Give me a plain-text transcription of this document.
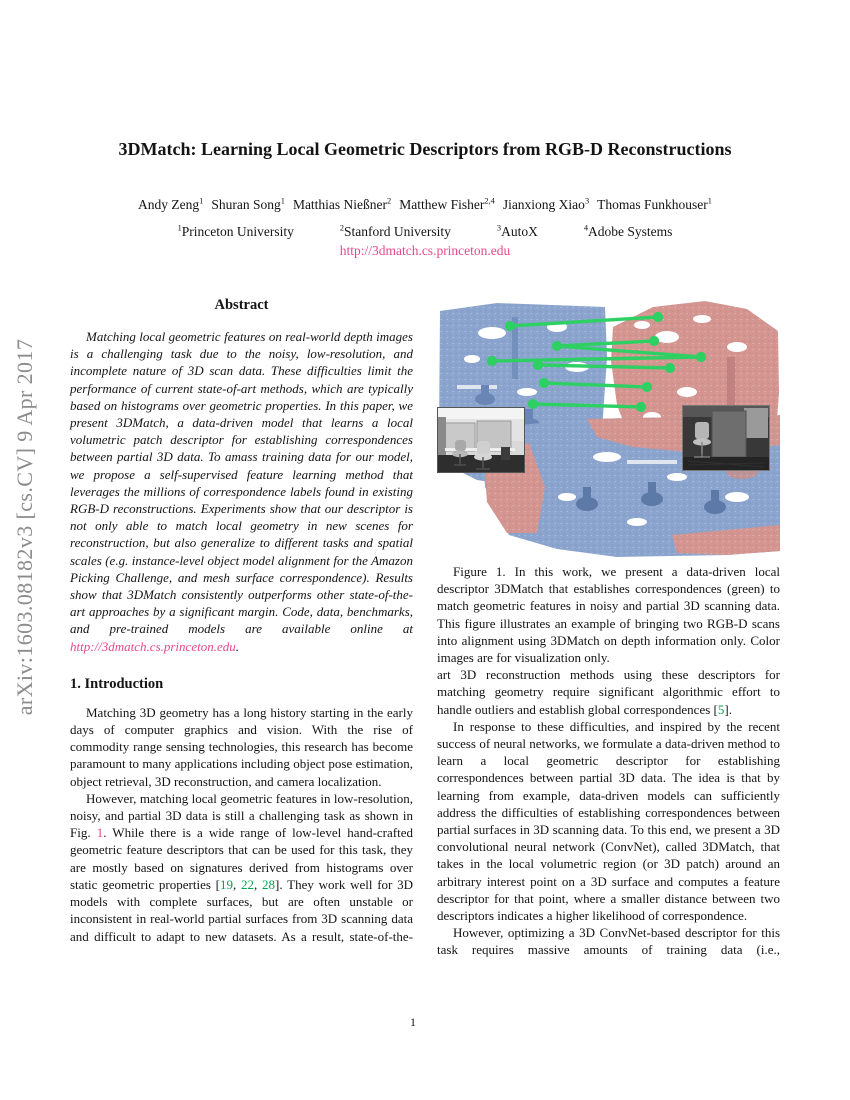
arXiv:1603.08182v3 [cs.CV] 9 Apr 2017
3DMatch: Learning Local Geometric Descriptors from RGB-D Reconstructions
Andy Zeng$^1$ Shuran Song$^1$ Matthias Nießner$^2$ Matthew Fisher$^{2,4}$ Jianxiong Xiao$^3$ Thomas Funkhouser$^1$
$^1$Princeton University	$^2$Stanford University	$^3$AutoX	$^4$Adobe Systems
http://3dmatch.cs.princeton.edu
Abstract

Matching local geometric features on real-world depth images is a challenging task due to the noisy, low-resolution, and incomplete nature of 3D scan data. These difficulties limit the performance of current state-of-art methods, which are typically based on histograms over geometric properties. In this paper, we present 3DMatch, a data-driven model that learns a local volumetric patch descriptor for establishing correspondences between partial 3D data. To amass training data for our model, we propose a self-supervised feature learning method that leverages the millions of correspondence labels found in existing RGB-D reconstructions. Experiments show that our descriptor is not only able to match local geometry in new scenes for reconstruction, but also generalize to different tasks and spatial scales (e.g. instance-level object model alignment for the Amazon Picking Challenge, and mesh surface correspondence). Results show that 3DMatch consistently outperforms other state-of-the-art approaches by a significant margin. Code, data, benchmarks, and pre-trained models are available online at http://3dmatch.cs.princeton.edu.

1. Introduction

Matching 3D geometry has a long history starting in the early days of computer graphics and vision. With the rise of commodity range sensing technologies, this research has become paramount to many applications including object pose estimation, object retrieval, 3D reconstruction, and camera localization.

However, matching local geometric features in low-resolution, noisy, and partial 3D data is still a challenging task as shown in Fig. 1. While there is a wide range of low-level hand-crafted geometric feature descriptors that can be used for this task, they are mostly based on signatures derived from histograms over static geometric properties [19, 22, 28]. They work well for 3D models with complete surfaces, but are often unstable or inconsistent in real-world partial surfaces from 3D scanning data and difficult to adapt to new datasets. As a result, state-of-the-

Figure 1. In this work, we present a data-driven local descriptor 3DMatch that establishes correspondences (green) to match geometric features in noisy and partial 3D scanning data. This figure illustrates an example of bringing two RGB-D scans into alignment using 3DMatch on depth information only. Color images are for visualization only.

art 3D reconstruction methods using these descriptors for matching geometry require significant algorithmic effort to handle outliers and establish global correspondences [5].

In response to these difficulties, and inspired by the recent success of neural networks, we formulate a data-driven method to learn a local geometric descriptor for establishing correspondences between partial 3D data. The idea is that by learning from example, data-driven models can sufficiently address the difficulties of establishing correspondences between partial surfaces in 3D scanning data. To this end, we present a 3D convolutional neural network (ConvNet), called 3DMatch, that takes in the local volumetric region (or 3D patch) around an arbitrary interest point on a 3D surface and computes a feature descriptor for that point, where a smaller distance between two descriptors indicates a higher likelihood of correspondence.

However, optimizing a 3D ConvNet-based descriptor for this task requires massive amounts of training data (i.e.,

1
